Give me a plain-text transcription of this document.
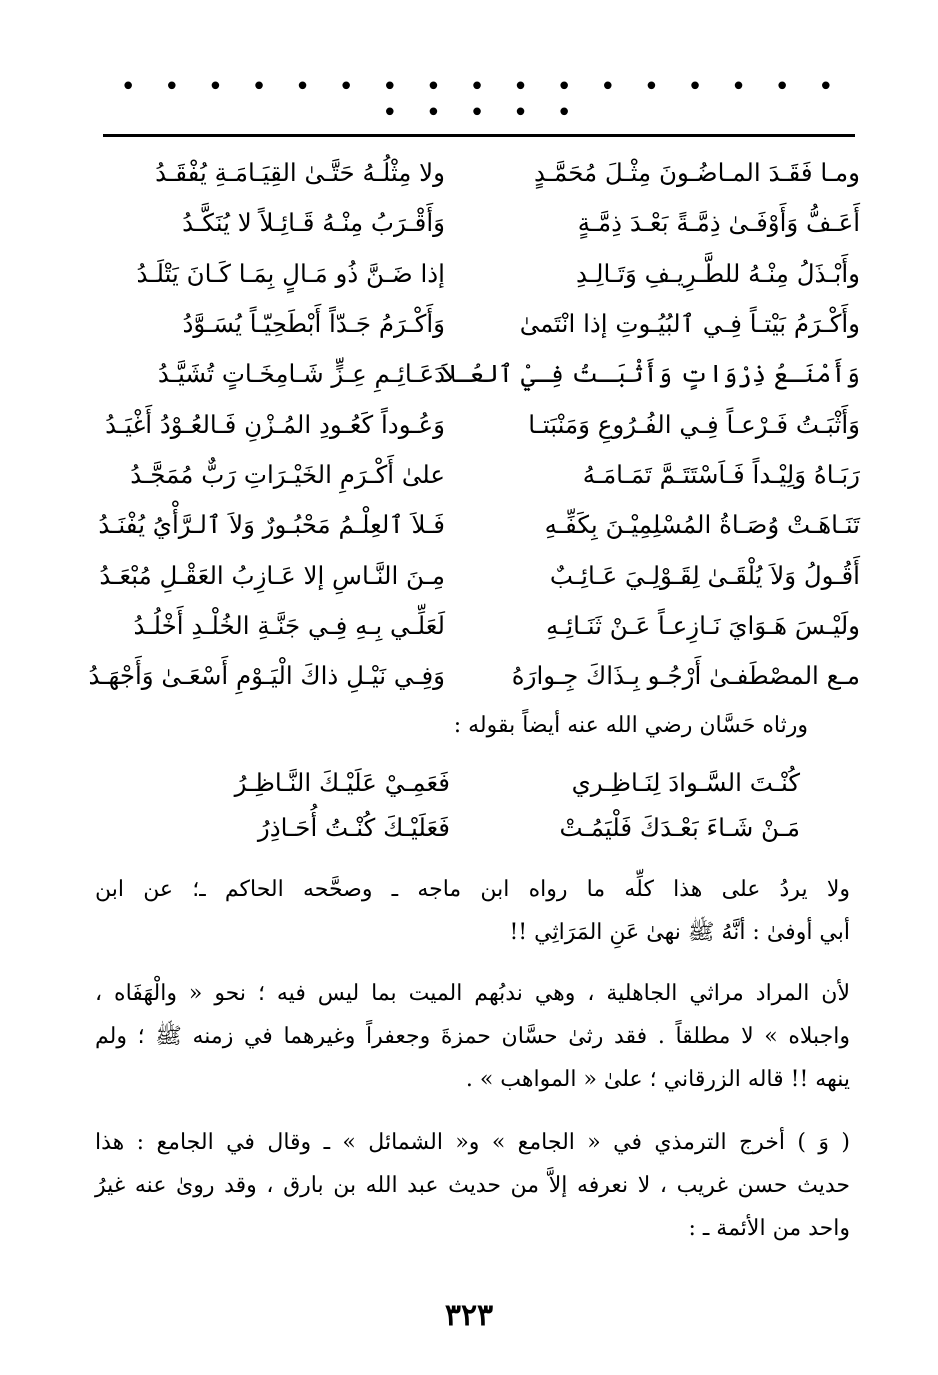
• • • • • • • • • • • • • • • • • • • • • •
ومـا فَقَـدَ المـاضُـونَ مِثْـلَ مُحَمَّـدٍ
ولا مِثْلُـهُ حَتَّـىٰ القِيَـامَـةِ يُفْقَـدُ
أَعَـفُّ وَأَوْفَـىٰ ذِمَّـةً بَعْـدَ ذِمَّـةٍ
وَأَقْـرَبُ مِنْـهُ قَـائِـلاً لا يُنَكَّـدُ
وأَبْـذَلُ مِنْـهُ للطَّـرِيـفِ وَتَـالِـدِ
إذا ضَـنَّ ذُو مَـالٍ بِمَـا كَـانَ يَتْلَـدُ
وأَكْـرَمُ بَيْتـاً فِـي ٱلبُيُـوتِ إذا انْتَمىٰ
وَأَكْـرَمُ جَـدّاً أَبْطَحِيّـاً يُسَـوَّدُ
وَأَمْنَـعُ ذِرْوَاتٍ وَأَثْبَـتُ فِـيْ ٱلعُـلاَ
دَعَـائِـمِ عِـزٍّ شَـامِخَـاتٍ تُشَيَّـدُ
وَأَثْبَـتُ فَـرْعـاً فِـي الفُـرُوعِ وَمَنْبَتـا
وَعُـوداً كَعُـودِ المُـزْنِ فَـالعُـوْدُ أَغْيَـدُ
رَبَـاهُ وَلِيْـداً فَـاَسْتَتَـمَّ تَمَـامَـهُ
علىٰ أَكْـرَمِ الخَيْـرَاتِ رَبٌّ مُمَجَّـدُ
تَنَـاهَـتْ وُصَـاةُ المُسْلِمِيْـنَ بِكَفِّـهِ
فَـلاَ ٱلعِلْـمُ مَحْبُـورٌ وَلاَ ٱلـرَّأْيُ يُفْنَـدُ
أَقُـولُ وَلاَ يُلْقَـىٰ لِقَـوْلِـيَ عَـائِـبٌ
مِـنَ النَّـاسِ إلا عَـازِبُ العَقْـلِ مُبْعَـدُ
ولَيْـسَ هَـوَايَ نَـازِعـاً عَـنْ ثَنَـائِـهِ
لَعَلِّـي بِـهِ فِـي جَنَّـةِ الخُلْـدِ أَخْلُـدُ
مـع المصْطَفـىٰ أَرْجُـو بِـذَاكَ جِـوارَهُ
وَفِـي نَيْـلِ ذاكَ الْيَـوْمِ أَسْعَـىٰ وَأَجْهَـدُ
ورثاه حَسَّان رضي الله عنه أيضاً بقوله :
كُنْـتَ السَّـوادَ لِنَـاظِـري
فَعَمِـيْ عَلَيْـكَ النَّـاظِـرُ
مَـنْ شَـاءَ بَعْـدَكَ فَلْيَمُـتْ
فَعَلَيْـكَ كُنْـتُ أُحَـاذِرُ
ولا يردُ على هذا كلِّه ما رواه ابن ماجه ـ وصحَّحه الحاكم ـ؛ عن ابن
أبي أوفىٰ : أنَّهُ ﷺ نهىٰ عَنِ المَرَاثِي !!
لأن المراد مراثي الجاهلية ، وهي ندبُهم الميت بما ليس فيه ؛ نحو « والْهَفَاه ،
واجبلاه » لا مطلقاً . فقد رثىٰ حسَّان حمزةَ وجعفراً وغيرهما في زمنه ﷺ ؛ ولم
ينهه !! قاله الزرقاني ؛ علىٰ « المواهب » .
( وَ ) أخرج الترمذي في « الجامع » و« الشمائل » ـ وقال في الجامع : هذا
حديث حسن غريب ، لا نعرفه إلاَّ من حديث عبد الله بن بارق ، وقد روىٰ عنه غيرُ
واحد من الأئمة ـ :
٣٢٣
